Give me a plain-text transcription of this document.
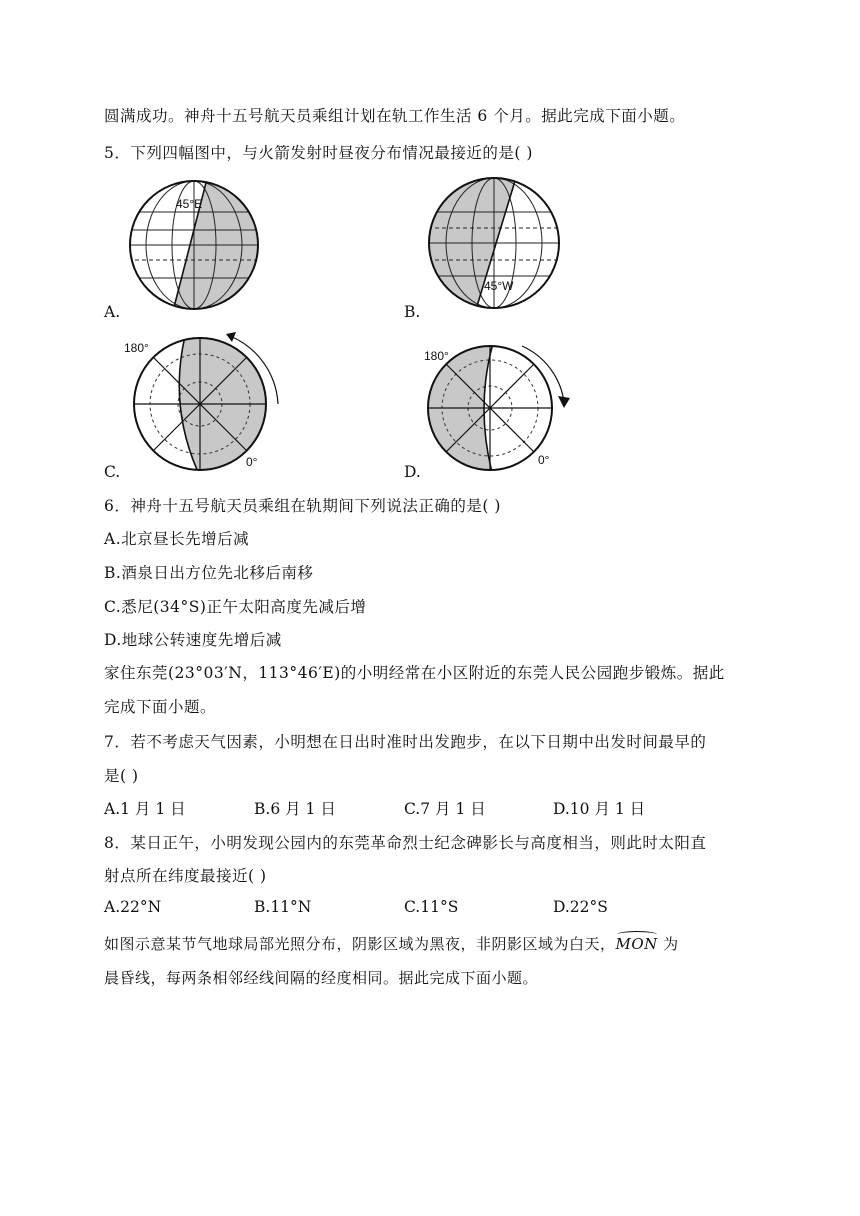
圆满成功。神舟十五号航天员乘组计划在轨工作生活 6 个月。据此完成下面小题。
5．下列四幅图中，与火箭发射时昼夜分布情况最接近的是( )
45°E
A.
45°W
B.
180°
0°
C.
180°
0°
D.
6．神舟十五号航天员乘组在轨期间下列说法正确的是( )
A.北京昼长先增后减
B.酒泉日出方位先北移后南移
C.悉尼(34°S)正午太阳高度先减后增
D.地球公转速度先增后减
家住东莞(23°03′N，113°46′E)的小明经常在小区附近的东莞人民公园跑步锻炼。据此
完成下面小题。
7．若不考虑天气因素，小明想在日出时准时出发跑步，在以下日期中出发时间最早的
是( )
A.1 月 1 日	B.6 月 1 日	C.7 月 1 日	D.10 月 1 日
8．某日正午，小明发现公园内的东莞革命烈士纪念碑影长与高度相当，则此时太阳直
射点所在纬度最接近( )
A.22°N	B.11°N	C.11°S	D.22°S
如图示意某节气地球局部光照分布，阴影区域为黑夜，非阴影区域为白天，MON 为
晨昏线，每两条相邻经线间隔的经度相同。据此完成下面小题。
